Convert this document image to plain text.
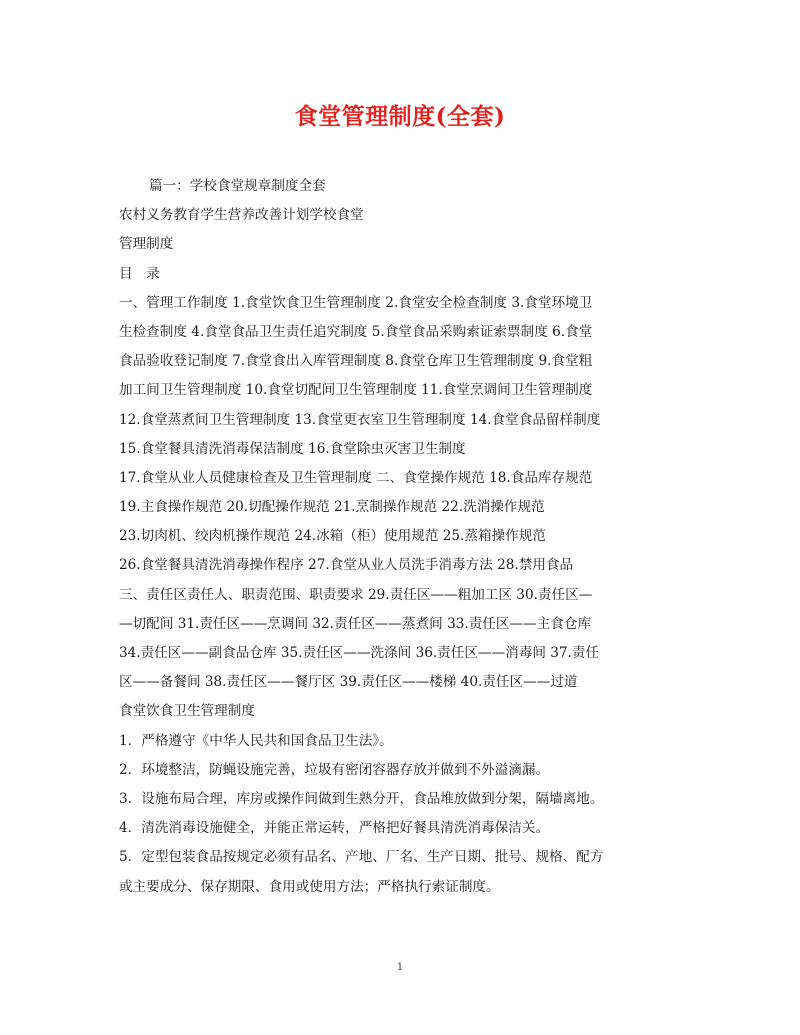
食堂管理制度(全套)
篇一：学校食堂规章制度全套
农村义务教育学生营养改善计划学校食堂
管理制度
目　录
一、管理工作制度 1.食堂饮食卫生管理制度 2.食堂安全检查制度 3.食堂环境卫
生检查制度 4.食堂食品卫生责任追究制度 5.食堂食品采购索证索票制度 6.食堂
食品验收登记制度 7.食堂食出入库管理制度 8.食堂仓库卫生管理制度 9.食堂粗
加工间卫生管理制度 10.食堂切配间卫生管理制度 11.食堂烹调间卫生管理制度
12.食堂蒸煮间卫生管理制度 13.食堂更衣室卫生管理制度 14.食堂食品留样制度
15.食堂餐具清洗消毒保洁制度 16.食堂除虫灭害卫生制度
17.食堂从业人员健康检查及卫生管理制度 二、食堂操作规范 18.食品库存规范
19.主食操作规范 20.切配操作规范 21.烹制操作规范 22.洗消操作规范
23.切肉机、绞肉机操作规范 24.冰箱（柜）使用规范 25.蒸箱操作规范
26.食堂餐具清洗消毒操作程序 27.食堂从业人员洗手消毒方法 28.禁用食品
三、责任区责任人、职责范围、职责要求 29.责任区——粗加工区 30.责任区—
—切配间 31.责任区——烹调间 32.责任区——蒸煮间 33.责任区——主食仓库
34.责任区——副食品仓库 35.责任区——洗涤间 36.责任区——消毒间 37.责任
区——备餐间 38.责任区——餐厅区 39.责任区——楼梯 40.责任区——过道
食堂饮食卫生管理制度
1．严格遵守《中华人民共和国食品卫生法》。
2．环境整洁，防蝇设施完善，垃圾有密闭容器存放并做到不外溢滴漏。
3．设施布局合理，库房或操作间做到生熟分开，食品堆放做到分架，隔墙离地。
4．清洗消毒设施健全，并能正常运转，严格把好餐具清洗消毒保洁关。
5．定型包装食品按规定必须有品名、产地、厂名、生产日期、批号、规格、配方
或主要成分、保存期限、食用或使用方法；严格执行索证制度。
1
